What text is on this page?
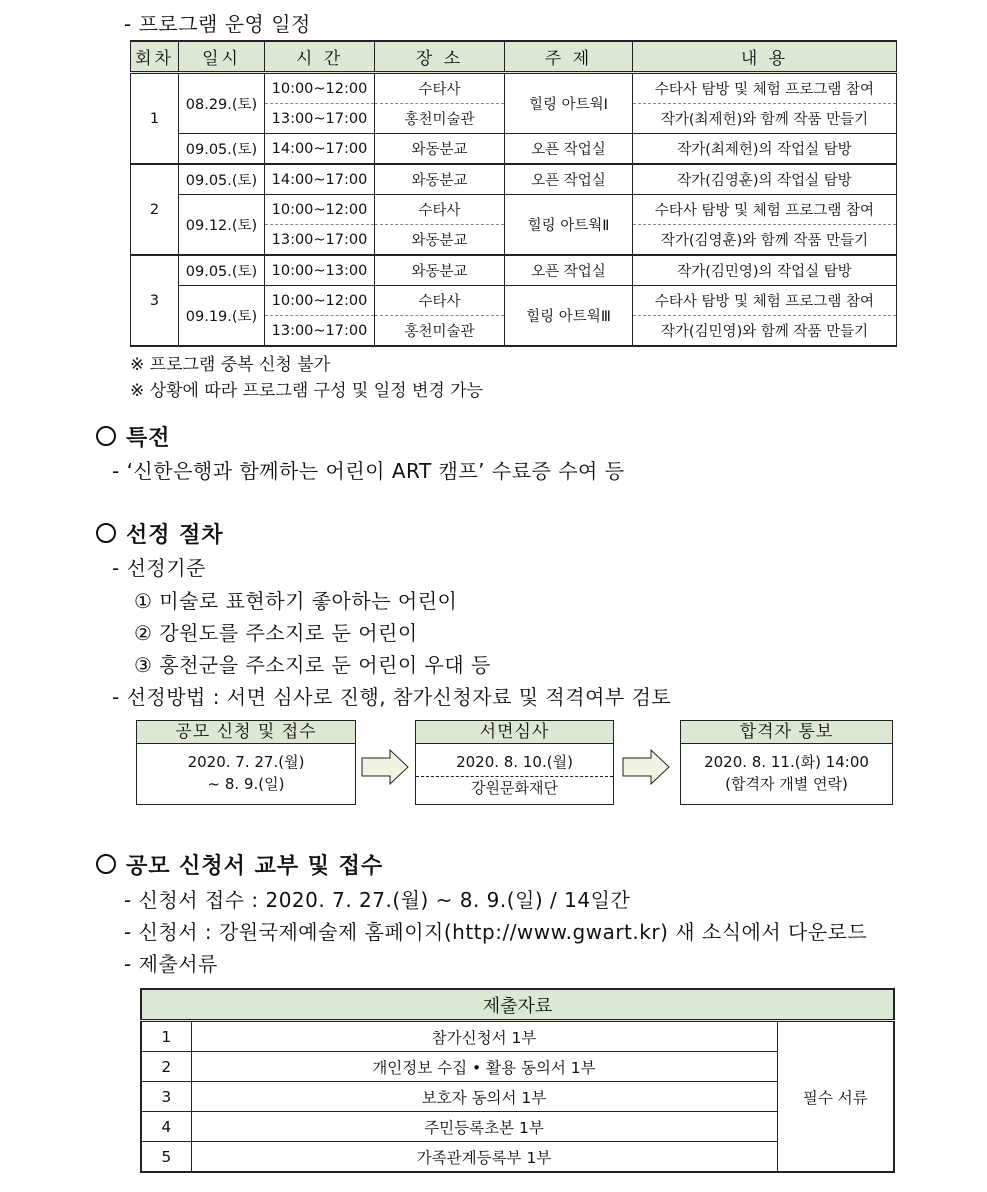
- 프로그램 운영 일정
회차	일시	시 간	장 소	주 제	내 용
1	08.29.(토)	10:00~12:00	수타사	힐링 아트웍Ⅰ	수타사 탐방 및 체험 프로그램 참여
		13:00~17:00	홍천미술관		작가(최제헌)와 함께 작품 만들기
	09.05.(토)	14:00~17:00	와동분교	오픈 작업실	작가(최제헌)의 작업실 탐방
2	09.05.(토)	14:00~17:00	와동분교	오픈 작업실	작가(김영훈)의 작업실 탐방
	09.12.(토)	10:00~12:00	수타사	힐링 아트웍Ⅱ	수타사 탐방 및 체험 프로그램 참여
		13:00~17:00	와동분교		작가(김영훈)와 함께 작품 만들기
3	09.05.(토)	10:00~13:00	와동분교	오픈 작업실	작가(김민영)의 작업실 탐방
	09.19.(토)	10:00~12:00	수타사	힐링 아트웍Ⅲ	수타사 탐방 및 체험 프로그램 참여
		13:00~17:00	홍천미술관		작가(김민영)와 함께 작품 만들기
※ 프로그램 중복 신청 불가
※ 상황에 따라 프로그램 구성 및 일정 변경 가능
특전
- ‘신한은행과 함께하는 어린이 ART 캠프’ 수료증 수여 등
선정 절차
- 선정기준
① 미술로 표현하기 좋아하는 어린이
② 강원도를 주소지로 둔 어린이
③ 홍천군을 주소지로 둔 어린이 우대 등
- 선정방법 : 서면 심사로 진행, 참가신청자료 및 적격여부 검토
공모 신청 및 접수
2020. 7. 27.(월)
~ 8. 9.(일)
서면심사
2020. 8. 10.(월)
강원문화재단
합격자 통보
2020. 8. 11.(화) 14:00
(합격자 개별 연락)
공모 신청서 교부 및 접수
- 신청서 접수 : 2020. 7. 27.(월) ~ 8. 9.(일) / 14일간
- 신청서 : 강원국제예술제 홈페이지(http://www.gwart.kr) 새 소식에서 다운로드
- 제출서류
제출자료		
1	참가신청서 1부	필수 서류
2	개인정보 수집 • 활용 동의서 1부	
3	보호자 동의서 1부	
4	주민등록초본 1부	
5	가족관계등록부 1부	
